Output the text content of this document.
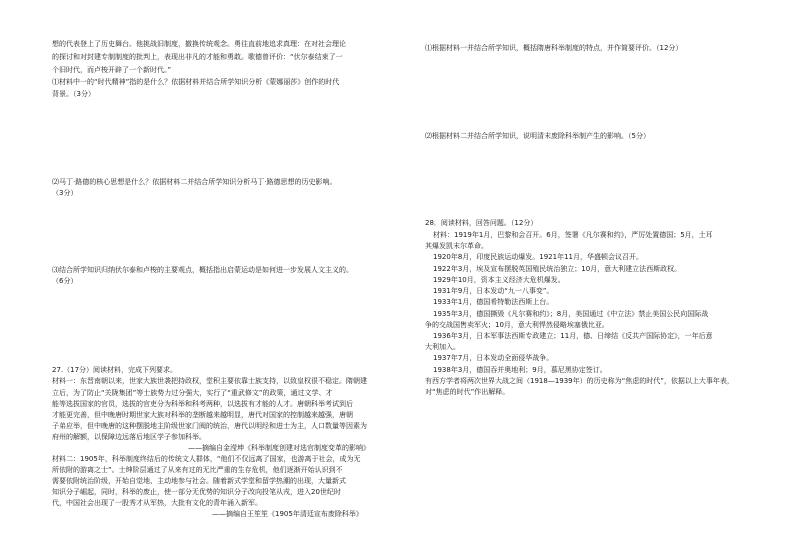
想的代表登上了历史舞台。他挑战旧制度，撤换传统观念。勇往直前地追求真理：在对社会理论
的探讨和对封建专制制度的批判上，表现出非凡的才能和勇敢。歌德曾评价：“伏尔泰结束了一
个旧时代，而卢梭开辟了一个新时代。”
⑴材料中一的“时代精神”指的是什么？依据材料并结合所学知识分析《蒙娜丽莎》创作的时代
背景。（3分）
⑵马丁·路德的核心思想是什么？依据材料二并结合所学知识分析马丁·路德思想的历史影响。
（3分）
⑶结合所学知识归纳伏尔泰和卢梭的主要观点，概括指出启蒙运动是如何进一步发展人文主义的。
（6分）
27.（17分）阅读材料，完成下列要求。
材料一：东晋南朝以来，世家大族世袭把持政权，堂积主要依靠士族支持，以致皇权很不稳定。隋朝建
立后，为了防止“关陇集团”等士族势力过分强大，实行了“重武修文”的政策，通过文学、才
能等选拔国家的官员，选拔的官吏分为科举和科考两种，以选拔有才能的人才。唐朝科举考试到后
才能更完善，但中晚唐时期世家大族对科举的垄断越来越明显，唐代对国家的控制越来越强，唐朝
子弟应举，但中晚唐的这种摆脱地主阶级世家门阀的统治，唐代以明经和进士为主，人口数量等因素为
府州的解额，以保障边远落后地区学子参加科举。
——摘编自金滢坤《科举制度创建对选官制度变革的影响》
材料二：1905年，科举制度终结后的传统文人群体，“他们不仅远离了国家，也游离于社会，成为无
所依附的游离之士”。士绅阶层通过了从来有过的无比严重的生存危机，他们逐渐开始认识到不
需要依附统治阶级，开始自觉地、主动地参与社会。随着新式学堂和留学热潮的出现，大量新式
知识分子崛起，同时，科举的废止，使一部分无优势的知识分子改向投笔从戎，进入20世纪时
代，中国社会出现了一股秀才从军热，大批有文化的青年涌入新军。
——摘编自王笙笙《1905年清廷宣布废除科举》
⑴根据材料一并结合所学知识，概括隋唐科举制度的特点，并作简要评价。（12分）
⑵根据材料二并结合所学知识，说明清末废除科举制产生的影响。（5分）
28．阅读材料，回答问题。（12分）
材料：1919年1月，巴黎和会召开。6月，签署《凡尔赛和约》，严厉处置德国；5月，土耳
其爆发凯末尔革命。
1920年8月，印度民族运动爆发。1921年11月，华盛顿会议召开。
1922年3月，埃及宣布摆脱英国殖民统治独立；10月，意大利建立法西斯政权。
1929年10月，资本主义经济大危机爆发。
1931年9月，日本发动“九一八事变”。
1933年1月，德国希特勒法西斯上台。
1935年3月，德国撕毁《凡尔赛和约》；8月，美国通过《中立法》禁止美国公民向国际战
争的交战国售卖军火；10月，意大利悍然侵略埃塞俄比亚。
1936年3月，日本军事法西斯专政建立；11月，德、日缔结《反共产国际协定》，一年后意
大利加入。
1937年7月，日本发动全面侵华战争。
1938年3月，德国吞并奥地利；9月，慕尼黑协定签订。
有西方学者将两次世界大战之间（1918—1939年）的历史称为“焦虑的时代”，依据以上大事年表，
对“焦虑的时代”作出解释。
